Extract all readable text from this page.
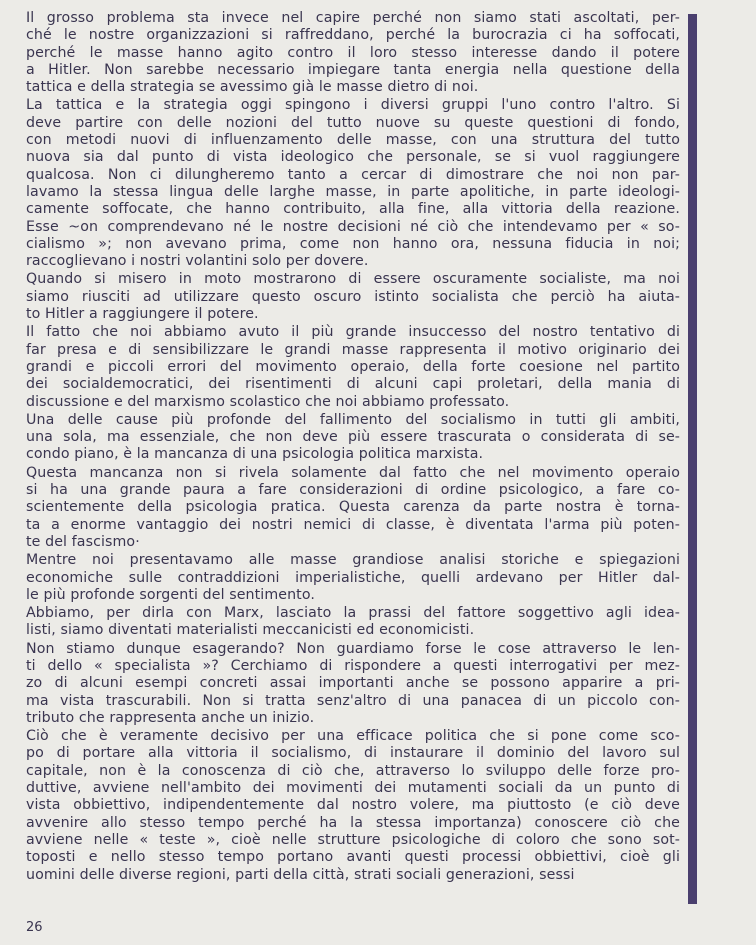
Il grosso problema sta invece nel capire perché non siamo stati ascoltati, per-
ché le nostre organizzazioni si raffreddano, perché la burocrazia ci ha soffocati,
perché le masse hanno agito contro il loro stesso interesse dando il potere
a Hitler. Non sarebbe necessario impiegare tanta energia nella questione della
tattica e della strategia se avessimo già le masse dietro di noi.
La tattica e la strategia oggi spingono i diversi gruppi l'uno contro l'altro. Si
deve partire con delle nozioni del tutto nuove su queste questioni di fondo,
con metodi nuovi di influenzamento delle masse, con una struttura del tutto
nuova sia dal punto di vista ideologico che personale, se si vuol raggiungere
qualcosa. Non ci dilungheremo tanto a cercar di dimostrare che noi non par-
lavamo la stessa lingua delle larghe masse, in parte apolitiche, in parte ideologi-
camente soffocate, che hanno contribuito, alla fine, alla vittoria della reazione.
Esse ~on comprendevano né le nostre decisioni né ciò che intendevamo per « so-
cialismo »; non avevano prima, come non hanno ora, nessuna fiducia in noi;
raccoglievano i nostri volantini solo per dovere.
Quando si misero in moto mostrarono di essere oscuramente socialiste, ma noi
siamo riusciti ad utilizzare questo oscuro istinto socialista che perciò ha aiuta-
to Hitler a raggiungere il potere.
Il fatto che noi abbiamo avuto il più grande insuccesso del nostro tentativo di
far presa e di sensibilizzare le grandi masse rappresenta il motivo originario dei
grandi e piccoli errori del movimento operaio, della forte coesione nel partito
dei socialdemocratici, dei risentimenti di alcuni capi proletari, della mania di
discussione e del marxismo scolastico che noi abbiamo professato.
Una delle cause più profonde del fallimento del socialismo in tutti gli ambiti,
una sola, ma essenziale, che non deve più essere trascurata o considerata di se-
condo piano, è la mancanza di una psicologia politica marxista.
Questa mancanza non si rivela solamente dal fatto che nel movimento operaio
si ha una grande paura a fare considerazioni di ordine psicologico, a fare co-
scientemente della psicologia pratica. Questa carenza da parte nostra è torna-
ta a enorme vantaggio dei nostri nemici di classe, è diventata l'arma più poten-
te del fascismo·
Mentre noi presentavamo alle masse grandiose analisi storiche e spiegazioni
economiche sulle contraddizioni imperialistiche, quelli ardevano per Hitler dal-
le più profonde sorgenti del sentimento.
Abbiamo, per dirla con Marx, lasciato la prassi del fattore soggettivo agli idea-
listi, siamo diventati materialisti meccanicisti ed economicisti.
Non stiamo dunque esagerando? Non guardiamo forse le cose attraverso le len-
ti dello « specialista »? Cerchiamo di rispondere a questi interrogativi per mez-
zo di alcuni esempi concreti assai importanti anche se possono apparire a pri-
ma vista trascurabili. Non si tratta senz'altro di una panacea di un piccolo con-
tributo che rappresenta anche un inizio.
Ciò che è veramente decisivo per una efficace politica che si pone come sco-
po di portare alla vittoria il socialismo, di instaurare il dominio del lavoro sul
capitale, non è la conoscenza di ciò che, attraverso lo sviluppo delle forze pro-
duttive, avviene nell'ambito dei movimenti dei mutamenti sociali da un punto di
vista obbiettivo, indipendentemente dal nostro volere, ma piuttosto (e ciò deve
avvenire allo stesso tempo perché ha la stessa importanza) conoscere ciò che
avviene nelle « teste », cioè nelle strutture psicologiche di coloro che sono sot-
toposti e nello stesso tempo portano avanti questi processi obbiettivi, cioè gli
uomini delle diverse regioni, parti della città, strati sociali generazioni, sessi
26
